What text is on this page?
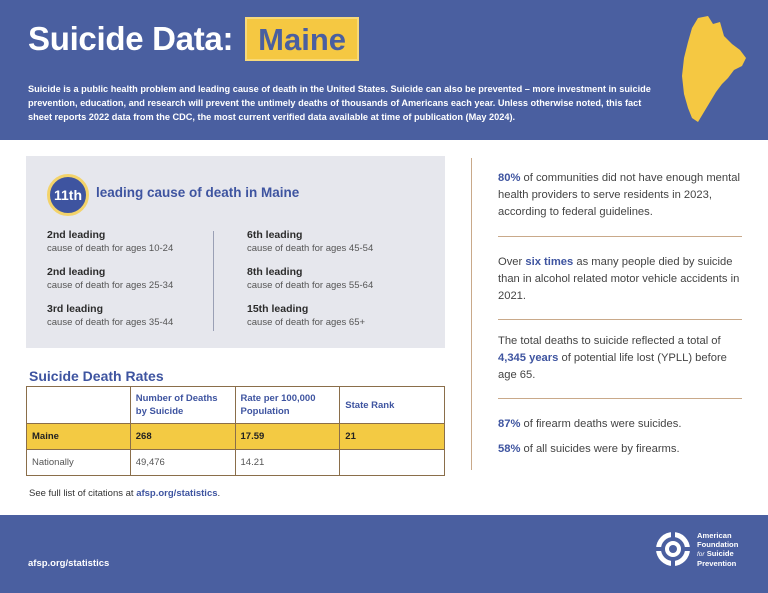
Suicide Data: Maine

Suicide is a public health problem and leading cause of death in the United States. Suicide can also be prevented – more investment in suicide prevention, education, and research will prevent the untimely deaths of thousands of Americans each year. Unless otherwise noted, this fact sheet reports 2022 data from the CDC, the most current verified data available at time of publication (May 2024).

11th	leading cause of death in Maine
2nd leading
cause of death for ages 10-24
2nd leading
cause of death for ages 25-34
3rd leading
cause of death for ages 35-44
6th leading
cause of death for ages 45-54
8th leading
cause of death for ages 55-64
15th leading
cause of death for ages 65+
Suicide Death Rates
	Number of Deaths by Suicide	Rate per 100,000 Population	State Rank
Maine	268	17.59	21
Nationally	49,476	14.21	
See full list of citations at afsp.org/statistics.
80% of communities did not have enough mental health providers to serve residents in 2023, according to federal guidelines.
Over six times as many people died by suicide than in alcohol related motor vehicle accidents in 2021.
The total deaths to suicide reflected a total of 4,345 years of potential life lost (YPLL) before age 65.
87% of firearm deaths were suicides.
58% of all suicides were by firearms.
afsp.org/statistics
American
Foundation
for Suicide
Prevention
